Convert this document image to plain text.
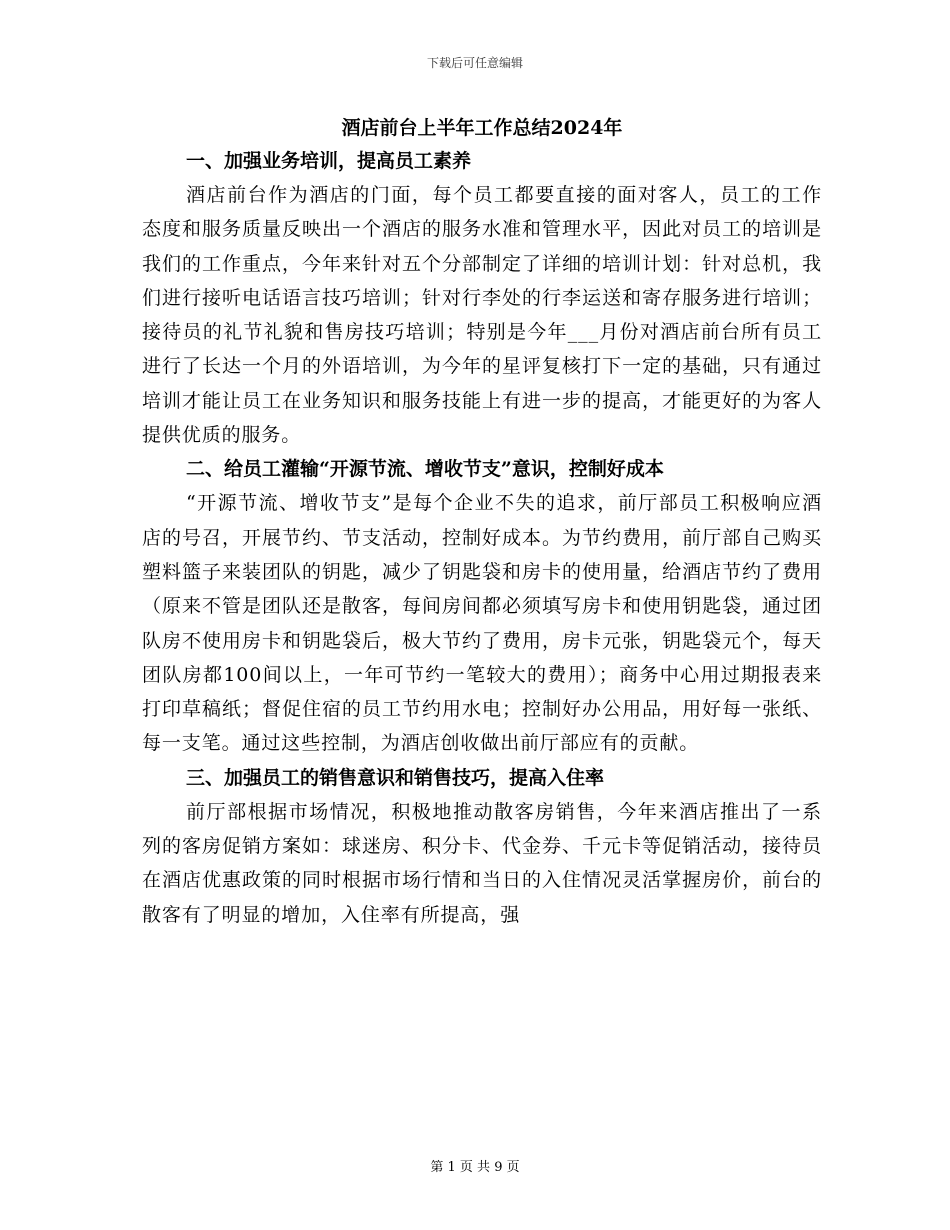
下载后可任意编辑

酒店前台上半年工作总结2024年

一、加强业务培训，提高员工素养

酒店前台作为酒店的门面，每个员工都要直接的面对客人，员工的工作态度和服务质量反映出一个酒店的服务水准和管理水平，因此对员工的培训是我们的工作重点，今年来针对五个分部制定了详细的培训计划：针对总机，我们进行接听电话语言技巧培训；针对行李处的行李运送和寄存服务进行培训；接待员的礼节礼貌和售房技巧培训；特别是今年___月份对酒店前台所有员工进行了长达一个月的外语培训，为今年的星评复核打下一定的基础，只有通过培训才能让员工在业务知识和服务技能上有进一步的提高，才能更好的为客人提供优质的服务。

二、给员工灌输“开源节流、增收节支”意识，控制好成本

“开源节流、增收节支”是每个企业不失的追求，前厅部员工积极响应酒店的号召，开展节约、节支活动，控制好成本。为节约费用，前厅部自己购买塑料篮子来装团队的钥匙，减少了钥匙袋和房卡的使用量，给酒店节约了费用（原来不管是团队还是散客，每间房间都必须填写房卡和使用钥匙袋，通过团队房不使用房卡和钥匙袋后，极大节约了费用，房卡元张，钥匙袋元个，每天团队房都100间以上，一年可节约一笔较大的费用）；商务中心用过期报表来打印草稿纸；督促住宿的员工节约用水电；控制好办公用品，用好每一张纸、每一支笔。通过这些控制，为酒店创收做出前厅部应有的贡献。

三、加强员工的销售意识和销售技巧，提高入住率

前厅部根据市场情况，积极地推动散客房销售，今年来酒店推出了一系列的客房促销方案如：球迷房、积分卡、代金券、千元卡等促销活动，接待员在酒店优惠政策的同时根据市场行情和当日的入住情况灵活掌握房价，前台的散客有了明显的增加，入住率有所提高，强

第 1 页 共 9 页
